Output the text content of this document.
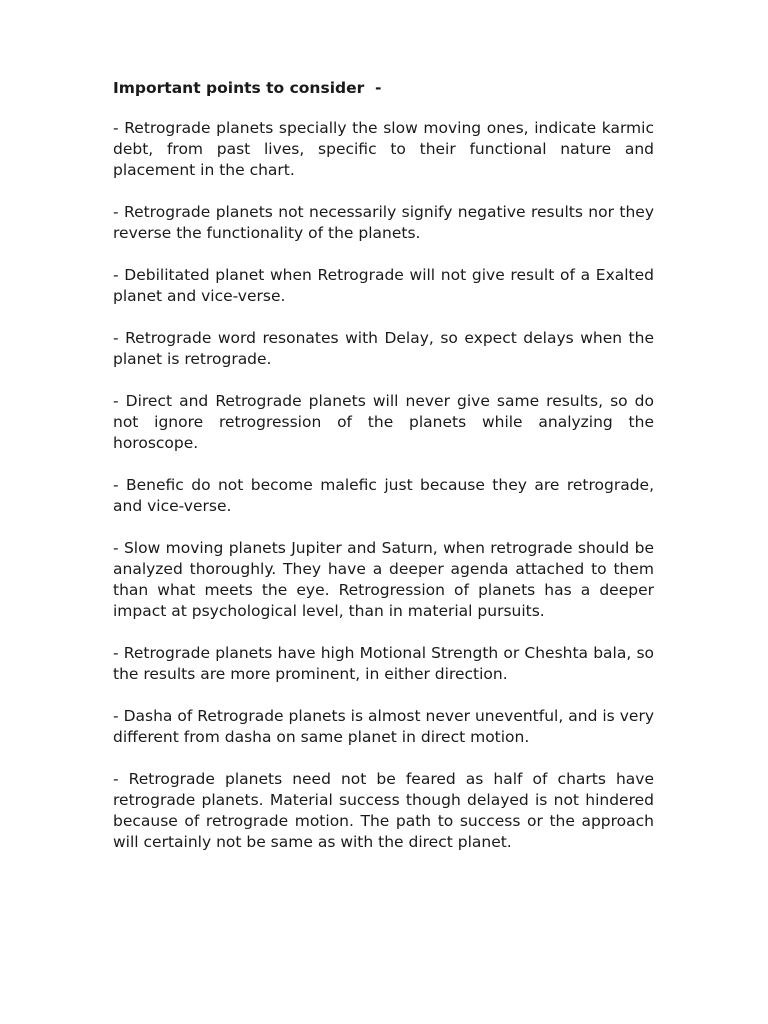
Important points to consider  -

- Retrograde planets specially the slow moving ones, indicate karmic debt, from past lives, specific to their functional nature and placement in the chart.

- Retrograde planets not necessarily signify negative results nor they reverse the functionality of the planets.

- Debilitated planet when Retrograde will not give result of a Exalted planet and vice-verse.

- Retrograde word resonates with Delay, so expect delays when the planet is retrograde.

- Direct and Retrograde planets will never give same results, so do not ignore retrogression of the planets while analyzing the horoscope.

- Benefic do not become malefic just because they are retrograde, and vice-verse.

- Slow moving planets Jupiter and Saturn, when retrograde should be analyzed thoroughly. They have a deeper agenda attached to them than what meets the eye. Retrogression of planets has a deeper impact at psychological level, than in material pursuits.

- Retrograde planets have high Motional Strength or Cheshta bala, so the results are more prominent, in either direction.

- Dasha of Retrograde planets is almost never uneventful, and is very different from dasha on same planet in direct motion.

- Retrograde planets need not be feared as half of charts have retrograde planets. Material success though delayed is not hindered because of retrograde motion. The path to success or the approach will certainly not be same as with the direct planet.
